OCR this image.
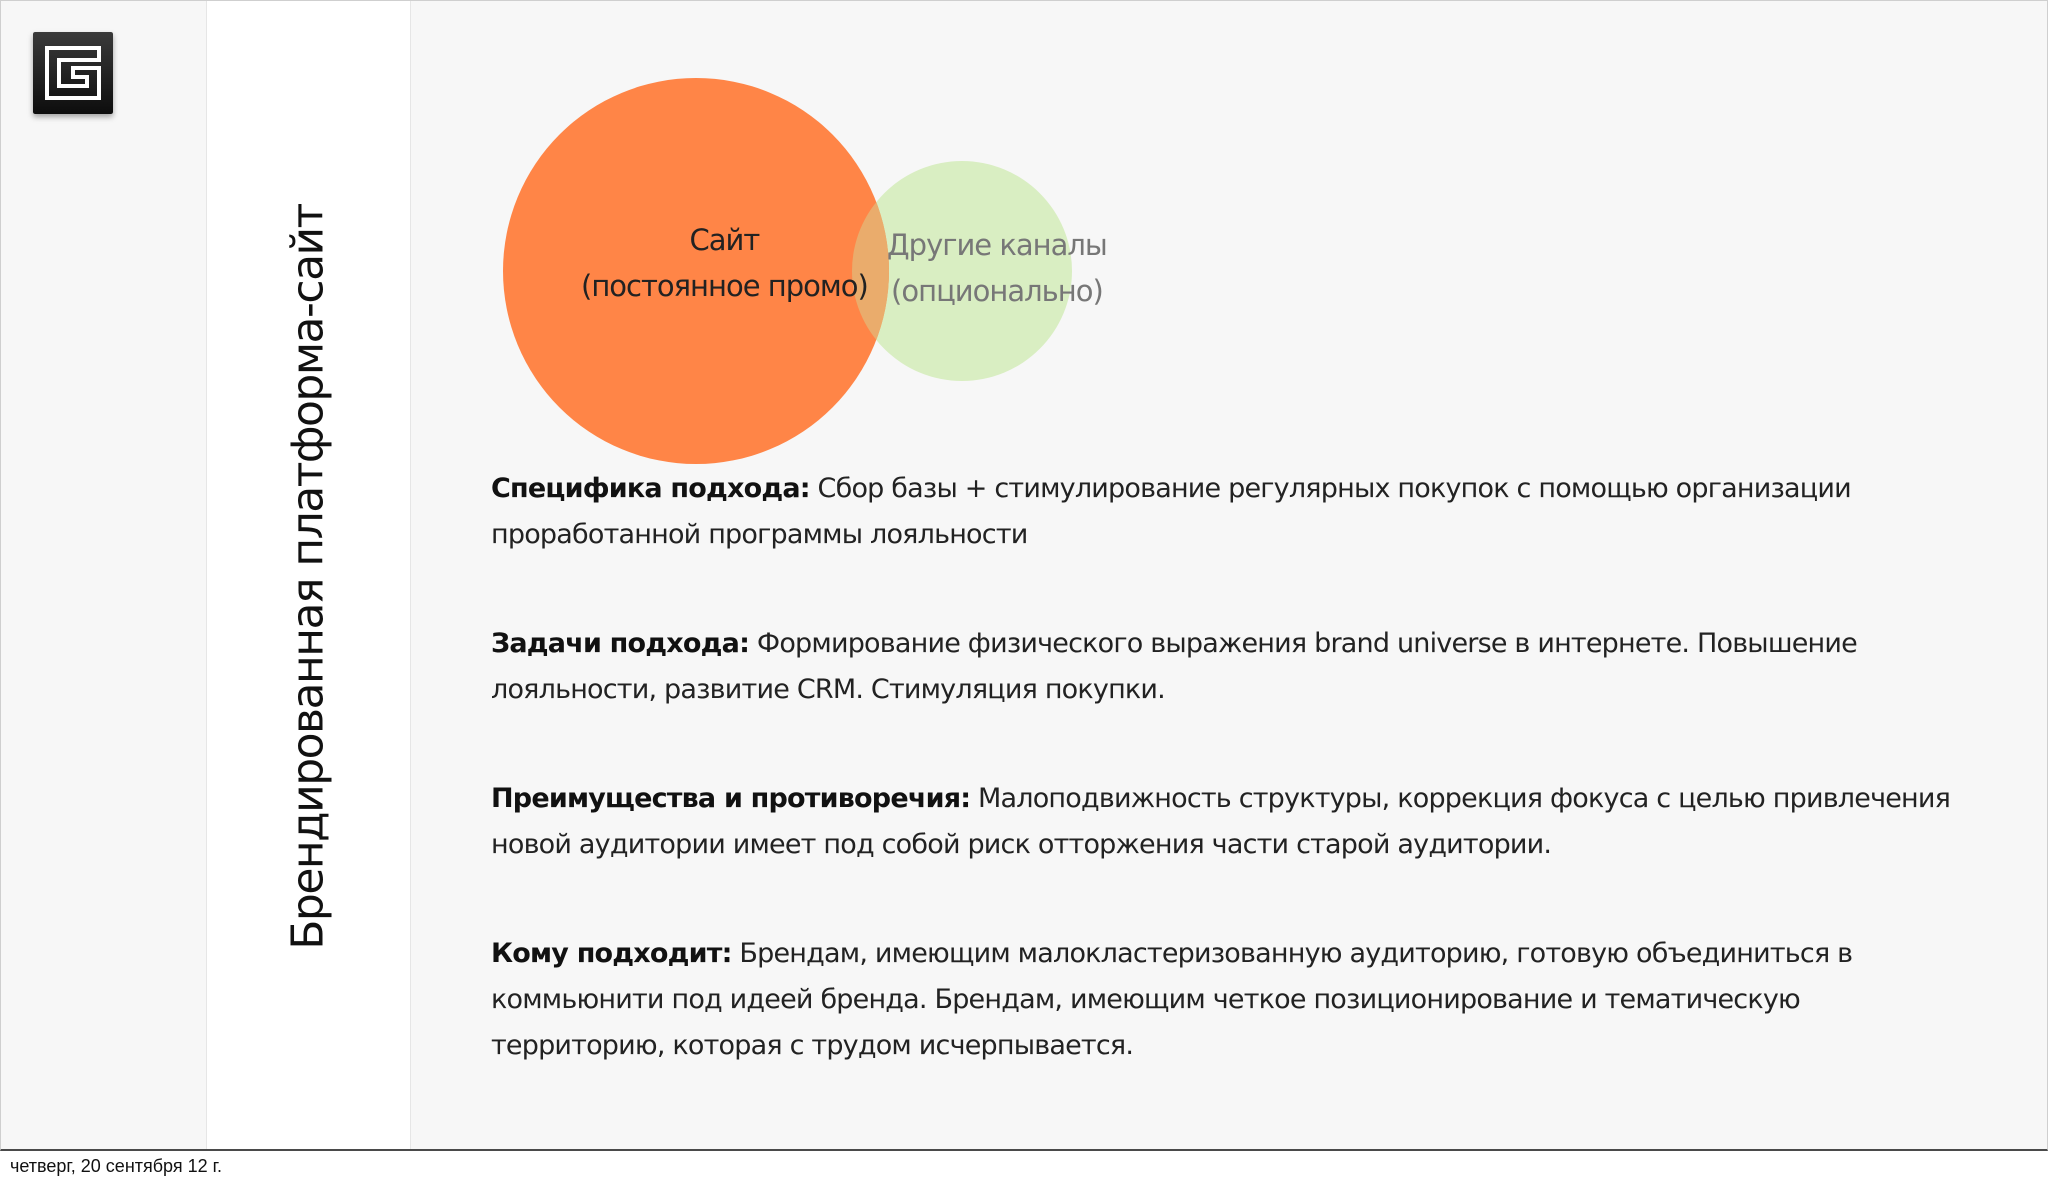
Брендированная платформа-сайт	Сайт
(постоянное промо)
Другие каналы
(опционально)
Специфика подхода: Сбор базы + стимулирование регулярных покупок с помощью организации проработанной программы лояльности
Задачи подхода: Формирование физического выражения brand universe в интернете. Повышение лояльности, развитие CRM. Стимуляция покупки.
Преимущества и противоречия: Малоподвижность структуры, коррекция фокуса с целью привлечения новой аудитории имеет под собой риск отторжения части старой аудитории.
Кому подходит: Брендам, имеющим малокластеризованную аудиторию, готовую объединиться в коммьюнити под идеей бренда. Брендам, имеющим четкое позиционирование и тематическую территорию, которая с трудом исчерпывается.
четверг, 20 сентября 12 г.
